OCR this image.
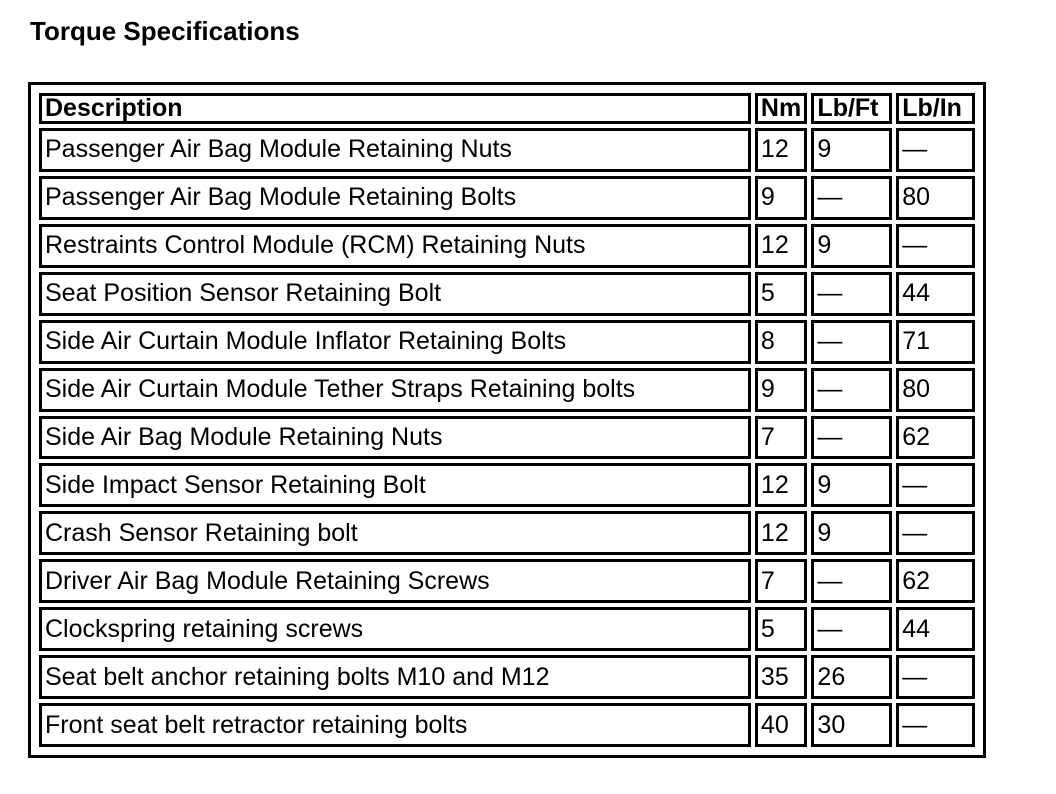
Torque Specifications
Description	Nm	Lb/Ft	Lb/In
Passenger Air Bag Module Retaining Nuts	12	9	—
Passenger Air Bag Module Retaining Bolts	9	—	80
Restraints Control Module (RCM) Retaining Nuts	12	9	—
Seat Position Sensor Retaining Bolt	5	—	44
Side Air Curtain Module Inflator Retaining Bolts	8	—	71
Side Air Curtain Module Tether Straps Retaining bolts	9	—	80
Side Air Bag Module Retaining Nuts	7	—	62
Side Impact Sensor Retaining Bolt	12	9	—
Crash Sensor Retaining bolt	12	9	—
Driver Air Bag Module Retaining Screws	7	—	62
Clockspring retaining screws	5	—	44
Seat belt anchor retaining bolts M10 and M12	35	26	—
Front seat belt retractor retaining bolts	40	30	—
